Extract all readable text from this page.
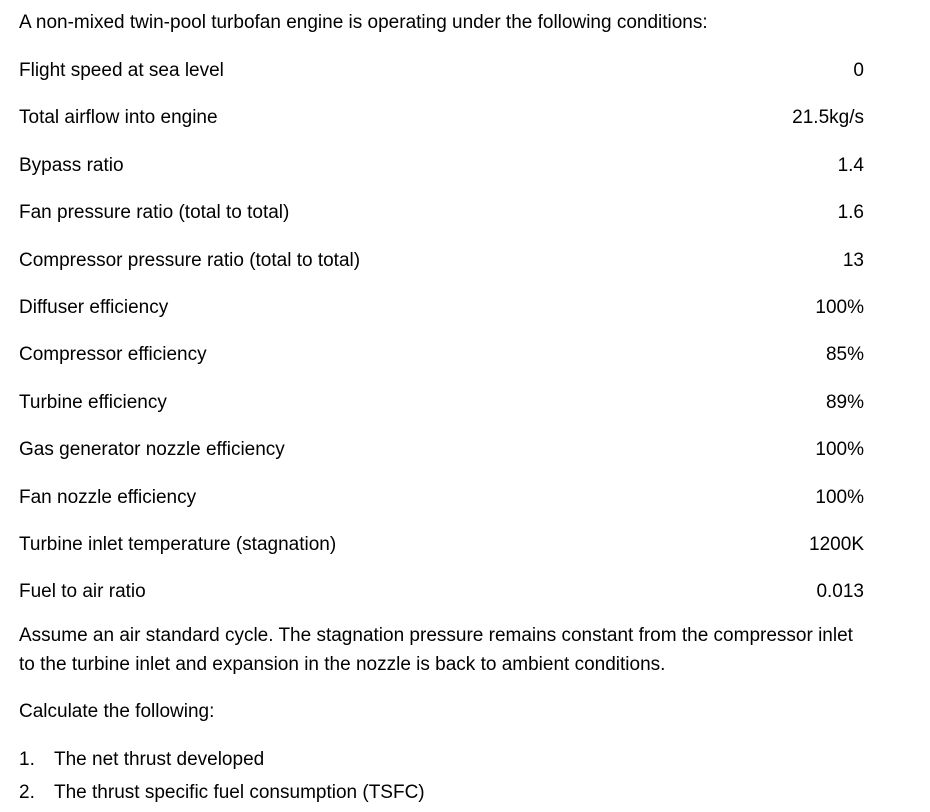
A non-mixed twin-pool turbofan engine is operating under the following conditions:
Flight speed at sea level	0
Total airflow into engine	21.5kg/s
Bypass ratio	1.4
Fan pressure ratio (total to total)	1.6
Compressor pressure ratio (total to total)	13
Diffuser efficiency	100%
Compressor efficiency	85%
Turbine efficiency	89%
Gas generator nozzle efficiency	100%
Fan nozzle efficiency	100%
Turbine inlet temperature (stagnation)	1200K
Fuel to air ratio	0.013
Assume an air standard cycle. The stagnation pressure remains constant from the compressor inlet to the turbine inlet and expansion in the nozzle is back to ambient conditions.
Calculate the following:
1. The net thrust developed
2. The thrust specific fuel consumption (TSFC)
